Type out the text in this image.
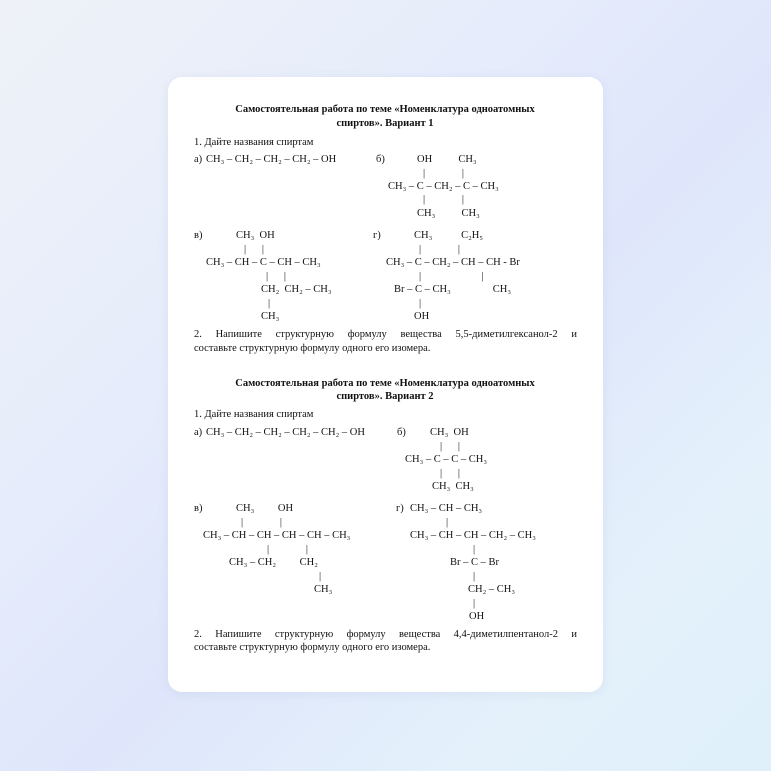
Самостоятельная работа по теме «Номенклатура одноатомных
спиртов». Вариант 1
1. Дайте названия спиртам
а) CH₃ – CH₂ – CH₂ – CH₂ – OH	б)	OH          CH₃
|              |
CH₃ – C – CH₂ – C – CH₃
|              |
CH₃          CH₃
в)	CH₃  OH
|      |
CH₃ – CH – C – CH – CH₃
|      |
CH₂  CH₂ – CH₃
|
CH₃
г)	CH₃           C₂H₅
|              |
CH₃ – C – CH₂ – CH – CH - Br
|                       |
Br – C – CH₃                CH₃
|
OH
2.  Напишите  структурную  формулу  вещества  5,5-диметилгексанол-2  и
составьте структурную формулу одного его изомера.
Самостоятельная работа по теме «Номенклатура одноатомных
спиртов». Вариант 2
1. Дайте названия спиртам
а) CH₃ – CH₂ – CH₂ – CH₂ – CH₂ – OH	б) CH₃  OH
|      |
CH₃ – C – C – CH₃
|      |
CH₃  CH₃
в)	CH₃         OH
|              |
CH₃ – CH – CH – CH – CH – CH₃
|              |
CH₃ – CH₂         CH₂
|
CH₃
г) CH₃ – CH – CH₃
|
CH₃ – CH – CH – CH₂ – CH₃
|
Br – C – Br
|
CH₂ – CH₃
|
OH
2.  Напишите  структурную  формулу  вещества  4,4-диметилпентанол-2  и
составьте структурную формулу одного его изомера.
